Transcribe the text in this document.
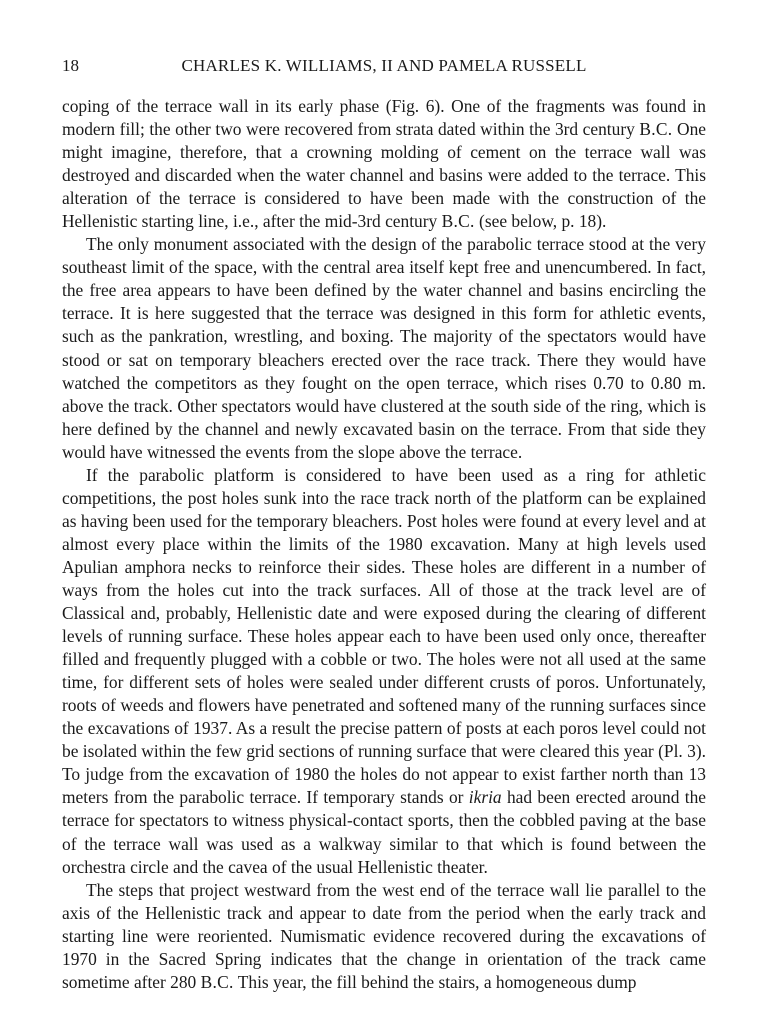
18	CHARLES K. WILLIAMS, II AND PAMELA RUSSELL

coping of the terrace wall in its early phase (Fig. 6). One of the fragments was found in modern fill; the other two were recovered from strata dated within the 3rd century B.C. One might imagine, therefore, that a crowning molding of cement on the terrace wall was destroyed and discarded when the water channel and basins were added to the terrace. This alteration of the terrace is considered to have been made with the construction of the Hellenistic starting line, i.e., after the mid-3rd century B.C. (see below, p. 18).

The only monument associated with the design of the parabolic terrace stood at the very southeast limit of the space, with the central area itself kept free and unencumbered. In fact, the free area appears to have been defined by the water channel and basins encircling the terrace. It is here suggested that the terrace was designed in this form for athletic events, such as the pankration, wrestling, and boxing. The majority of the spectators would have stood or sat on temporary bleachers erected over the race track. There they would have watched the competitors as they fought on the open terrace, which rises 0.70 to 0.80 m. above the track. Other spectators would have clustered at the south side of the ring, which is here defined by the channel and newly excavated basin on the terrace. From that side they would have witnessed the events from the slope above the terrace.

If the parabolic platform is considered to have been used as a ring for athletic competitions, the post holes sunk into the race track north of the platform can be explained as having been used for the temporary bleachers. Post holes were found at every level and at almost every place within the limits of the 1980 excavation. Many at high levels used Apulian amphora necks to reinforce their sides. These holes are different in a number of ways from the holes cut into the track surfaces. All of those at the track level are of Classical and, probably, Hellenistic date and were exposed during the clearing of different levels of running surface. These holes appear each to have been used only once, thereafter filled and frequently plugged with a cobble or two. The holes were not all used at the same time, for different sets of holes were sealed under different crusts of poros. Unfortunately, roots of weeds and flowers have penetrated and softened many of the running surfaces since the excavations of 1937. As a result the precise pattern of posts at each poros level could not be isolated within the few grid sections of running surface that were cleared this year (Pl. 3). To judge from the excavation of 1980 the holes do not appear to exist farther north than 13 meters from the parabolic terrace. If temporary stands or ikria had been erected around the terrace for spectators to witness physical-contact sports, then the cobbled paving at the base of the terrace wall was used as a walkway similar to that which is found between the orchestra circle and the cavea of the usual Hellenistic theater.

The steps that project westward from the west end of the terrace wall lie parallel to the axis of the Hellenistic track and appear to date from the period when the early track and starting line were reoriented. Numismatic evidence recovered during the excavations of 1970 in the Sacred Spring indicates that the change in orientation of the track came sometime after 280 B.C. This year, the fill behind the stairs, a homogeneous dump
